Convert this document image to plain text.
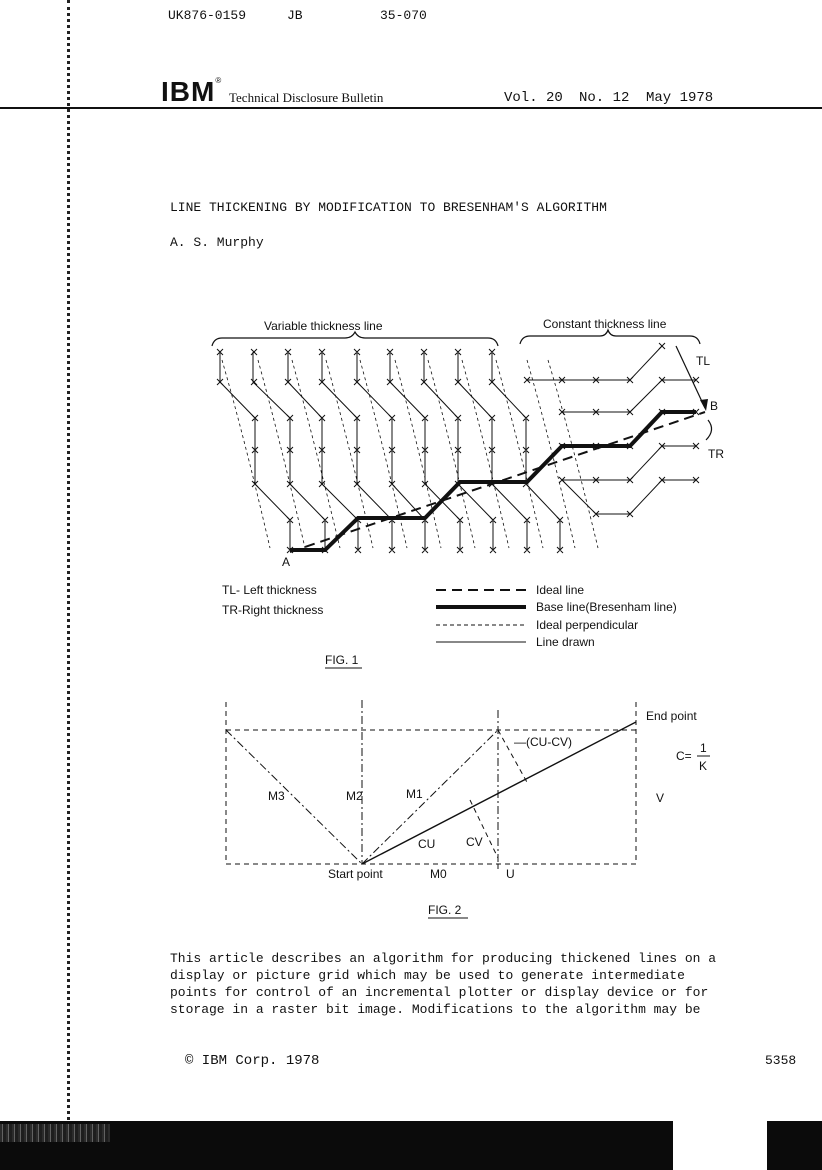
UK876-0159	JB	35-070
IBM®
Technical Disclosure Bulletin	Vol. 20 No. 12 May 1978
LINE THICKENING BY MODIFICATION TO BRESENHAM'S ALGORITHM
A. S. Murphy
Variable thickness line	Constant thickness line
TL
TR
B
A
TL- Left thickness
TR-Right thickness
Ideal line
Base line(Bresenham line)
Ideal perpendicular
Line drawn
FIG. 1
End point
Start point
M3	M2	M1
M0
CU	CV
—(CU-CV)
U
V
C=
1
K
FIG. 2

This article describes an algorithm for producing thickened lines on a
display or picture grid which may be used to generate intermediate
points for control of an incremental plotter or display device or for
storage in a raster bit image. Modifications to the algorithm may be

© IBM Corp. 1978	5358
